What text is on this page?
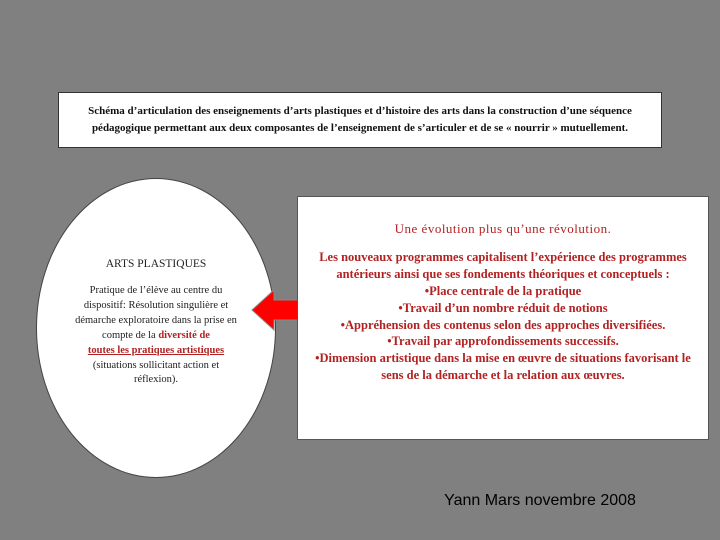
Schéma d’articulation des enseignements d’arts plastiques et d’histoire des arts dans la construction d’une séquence
pédagogique permettant aux deux composantes de l’enseignement de s’articuler et de se « nourrir » mutuellement.
ARTS PLASTIQUES
Pratique de l’élève au centre du dispositif: Résolution singulière et démarche exploratoire dans la prise en compte de la diversité de
toutes les pratiques artistiques (situations sollicitant action et réflexion).
Une évolution plus qu’une révolution.
Les nouveaux programmes capitalisent l’expérience des programmes antérieurs ainsi que ses fondements théoriques et conceptuels :
•Place centrale de la pratique
•Travail d’un nombre réduit de notions
•Appréhension des contenus selon des approches diversifiées.
•Travail par approfondissements successifs.
•Dimension artistique dans la mise en œuvre de situations favorisant le sens de la démarche et la relation aux œuvres.
Yann Mars novembre 2008
